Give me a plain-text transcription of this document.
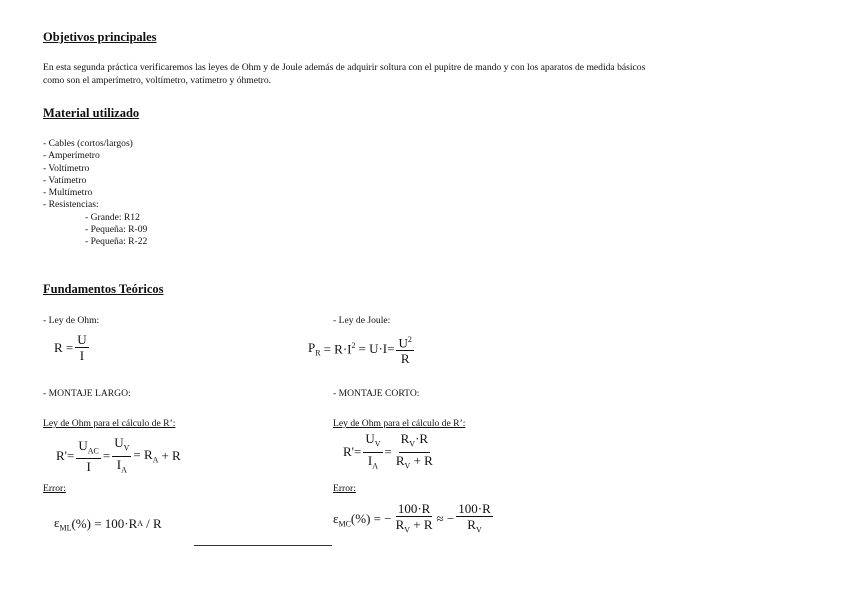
Objetivos principales
En esta segunda práctica verificaremos las leyes de Ohm y de Joule además de adquirir soltura con el pupitre de mando y con los aparatos de medida básicos
como son el amperímetro, voltímetro, vatímetro y óhmetro.
Material utilizado
- Cables (cortos/largos)
- Amperímetro
- Voltímetro
- Vatímetro
- Multímetro
- Resistencias:
- Grande: R12
- Pequeña: R-09
- Pequeña: R-22
Fundamentos Teóricos
- Ley de Ohm:
$R = \frac{U}{I}$
- Ley de Joule:
$P_R = R\cdot I^2 = U\cdot I= \frac{U^2}{R}$
- MONTAJE LARGO:	- MONTAJE CORTO:
Ley de Ohm para el cálculo de R’:	Ley de Ohm para el cálculo de R’:
$R'= \frac{U_{AC}}{I} = \frac{U_V}{I_A} = R_A + R$	$R'= \frac{U_V}{I_A} = \frac{R_V\cdot R}{R_V + R}$
Error:	Error:
$\varepsilon_{ML}$ (%) = 100·R A / R	$\varepsilon_{MC}$ (%) = − $\frac{100\cdot R}{R_V + R}$ ≈ − $\frac{100\cdot R}{R_V}$
